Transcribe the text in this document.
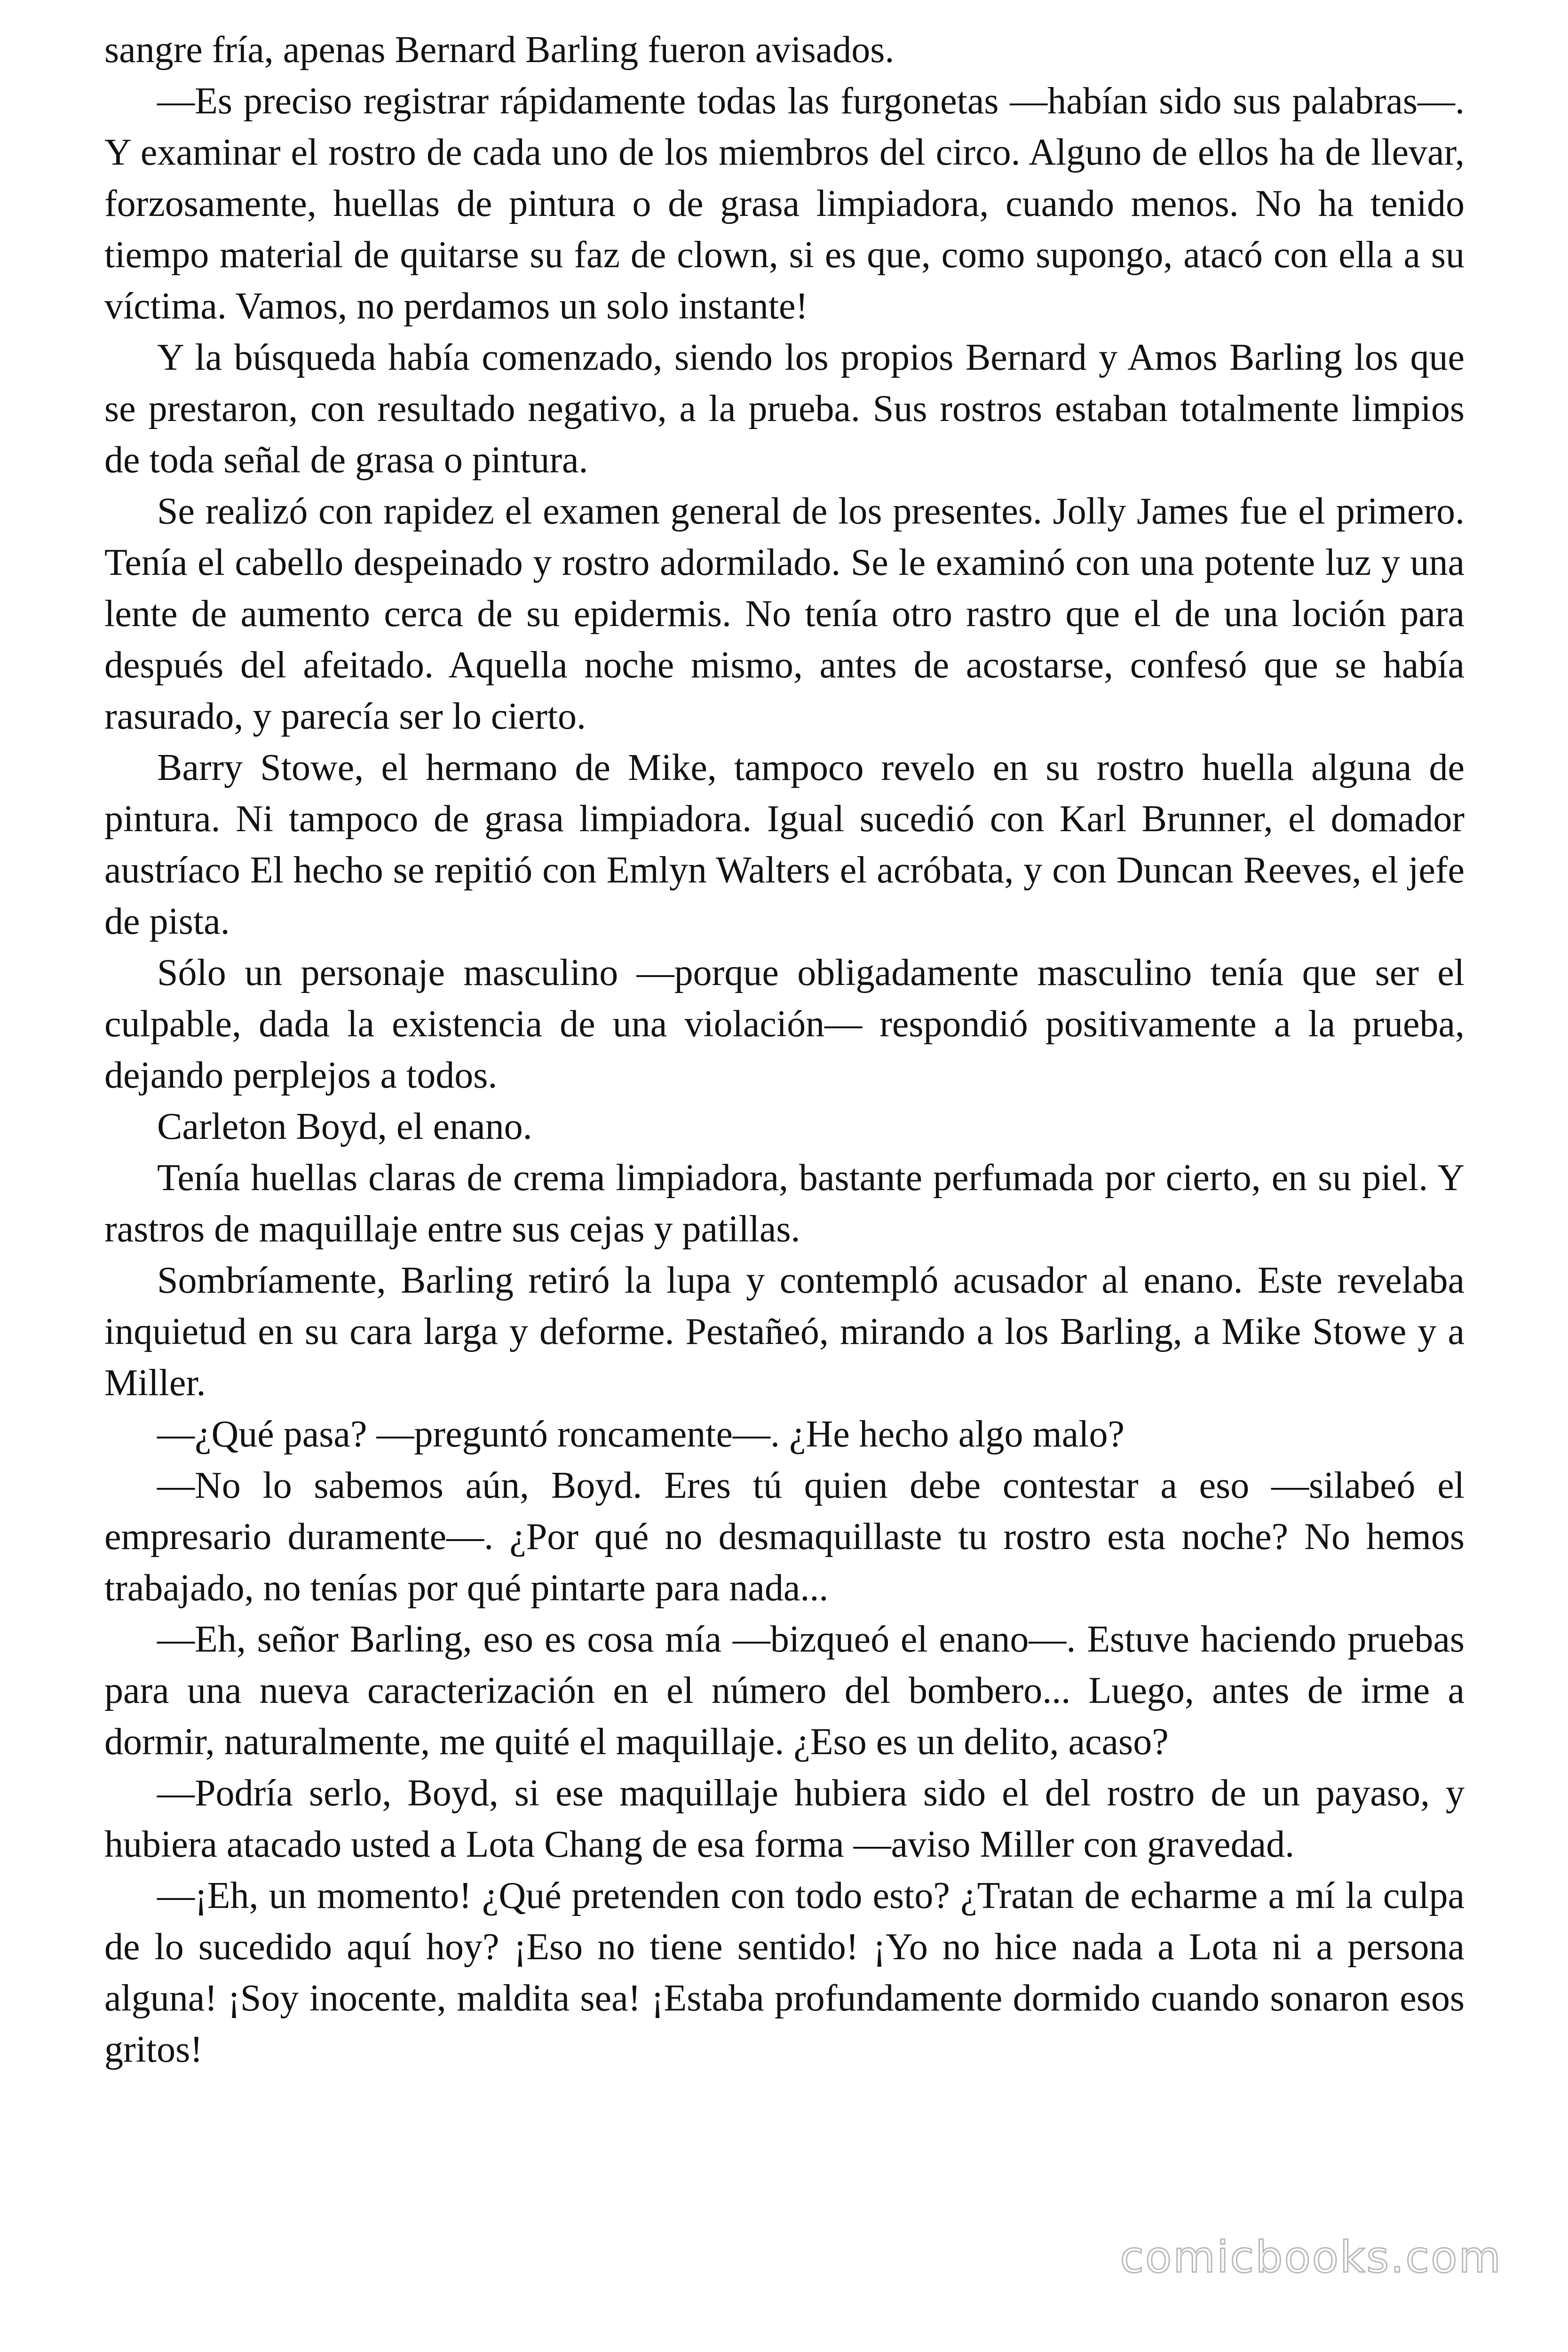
sangre fría, apenas Bernard Barling fueron avisados.

—Es preciso registrar rápidamente todas las furgonetas —habían sido sus palabras—. Y examinar el rostro de cada uno de los miembros del circo. Alguno de ellos ha de llevar, forzosamente, huellas de pintura o de grasa limpiadora, cuando menos. No ha tenido tiempo material de quitarse su faz de clown, si es que, como supongo, atacó con ella a su víctima. Vamos, no perdamos un solo instante!

Y la búsqueda había comenzado, siendo los propios Bernard y Amos Barling los que se prestaron, con resultado negativo, a la prueba. Sus rostros estaban totalmente limpios de toda señal de grasa o pintura.

Se realizó con rapidez el examen general de los presentes. Jolly James fue el primero. Tenía el cabello despeinado y rostro adormilado. Se le examinó con una potente luz y una lente de aumento cerca de su epidermis. No tenía otro rastro que el de una loción para después del afeitado. Aquella noche mismo, antes de acostarse, confesó que se había rasurado, y parecía ser lo cierto.

Barry Stowe, el hermano de Mike, tampoco revelo en su rostro huella alguna de pintura. Ni tampoco de grasa limpiadora. Igual sucedió con Karl Brunner, el domador austríaco El hecho se repitió con Emlyn Walters el acróbata, y con Duncan Reeves, el jefe de pista.

Sólo un personaje masculino —porque obligadamente masculino tenía que ser el culpable, dada la existencia de una violación— respondió positivamente a la prueba, dejando perplejos a todos.

Carleton Boyd, el enano.

Tenía huellas claras de crema limpiadora, bastante perfumada por cierto, en su piel. Y rastros de maquillaje entre sus cejas y patillas.

Sombríamente, Barling retiró la lupa y contempló acusador al enano. Este revelaba inquietud en su cara larga y deforme. Pestañeó, mirando a los Barling, a Mike Stowe y a Miller.

—¿Qué pasa? —preguntó roncamente—. ¿He hecho algo malo?

—No lo sabemos aún, Boyd. Eres tú quien debe contestar a eso —silabeó el empresario duramente—. ¿Por qué no desmaquillaste tu rostro esta noche? No hemos trabajado, no tenías por qué pintarte para nada...

—Eh, señor Barling, eso es cosa mía —bizqueó el enano—. Estuve haciendo pruebas para una nueva caracterización en el número del bombero... Luego, antes de irme a dormir, naturalmente, me quité el maquillaje. ¿Eso es un delito, acaso?

—Podría serlo, Boyd, si ese maquillaje hubiera sido el del rostro de un payaso, y hubiera atacado usted a Lota Chang de esa forma —aviso Miller con gravedad.

—¡Eh, un momento! ¿Qué pretenden con todo esto? ¿Tratan de echarme a mí la culpa de lo sucedido aquí hoy? ¡Eso no tiene sentido! ¡Yo no hice nada a Lota ni a persona alguna! ¡Soy inocente, maldita sea! ¡Estaba profundamente dormido cuando sonaron esos gritos!

comicbooks.com
